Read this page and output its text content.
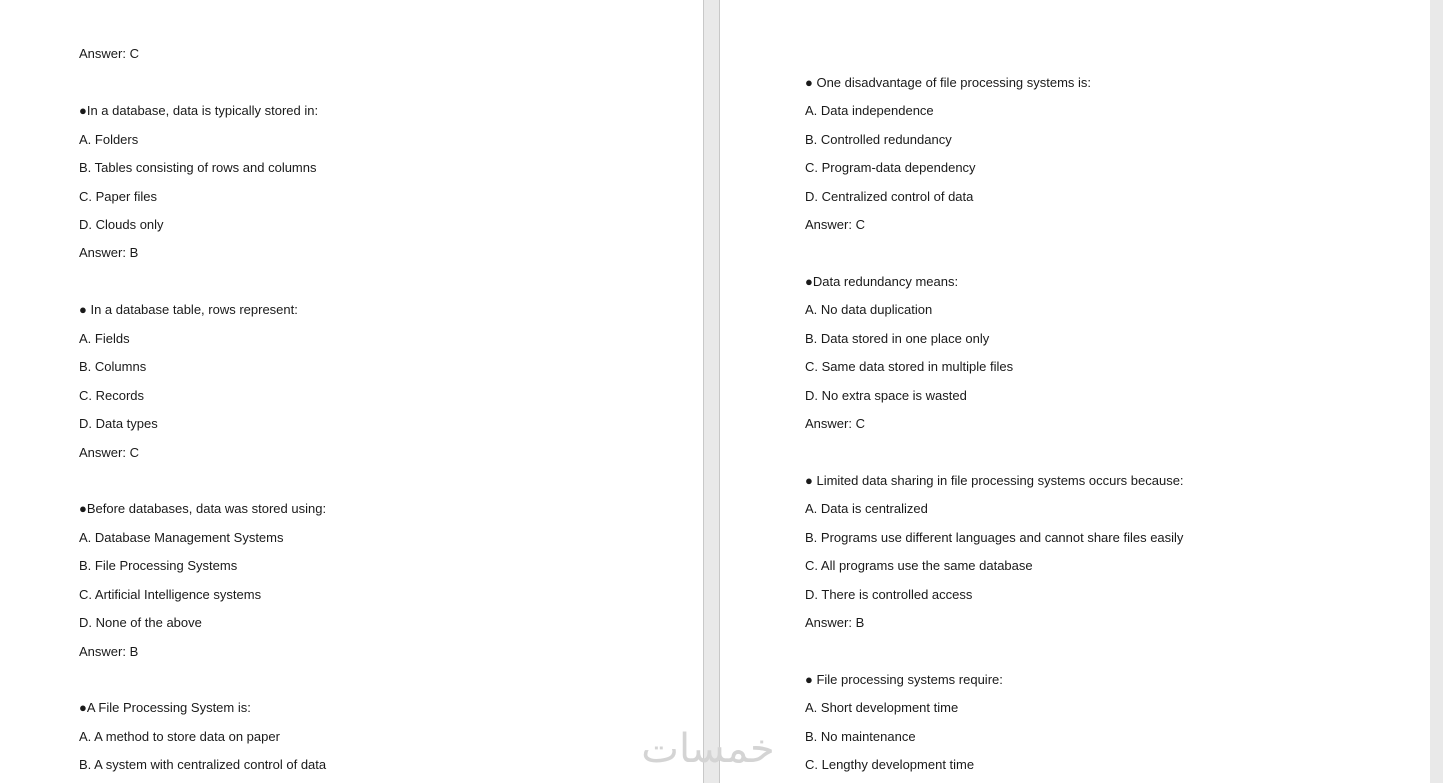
Answer: C
●In a database, data is typically stored in:
A. Folders
B. Tables consisting of rows and columns
C. Paper files
D. Clouds only
Answer: B
● In a database table, rows represent:
A. Fields
B. Columns
C. Records
D. Data types
Answer: C
●Before databases, data was stored using:
A. Database Management Systems
B. File Processing Systems
C. Artificial Intelligence systems
D. None of the above
Answer: B
●A File Processing System is:
A. A method to store data on paper
B. A system with centralized control of data
● One disadvantage of file processing systems is:
A. Data independence
B. Controlled redundancy
C. Program-data dependency
D. Centralized control of data
Answer: C
●Data redundancy means:
A. No data duplication
B. Data stored in one place only
C. Same data stored in multiple files
D. No extra space is wasted
Answer: C
● Limited data sharing in file processing systems occurs because:
A. Data is centralized
B. Programs use different languages and cannot share files easily
C. All programs use the same database
D. There is controlled access
Answer: B
● File processing systems require:
A. Short development time
B. No maintenance
C. Lengthy development time
خمسات
